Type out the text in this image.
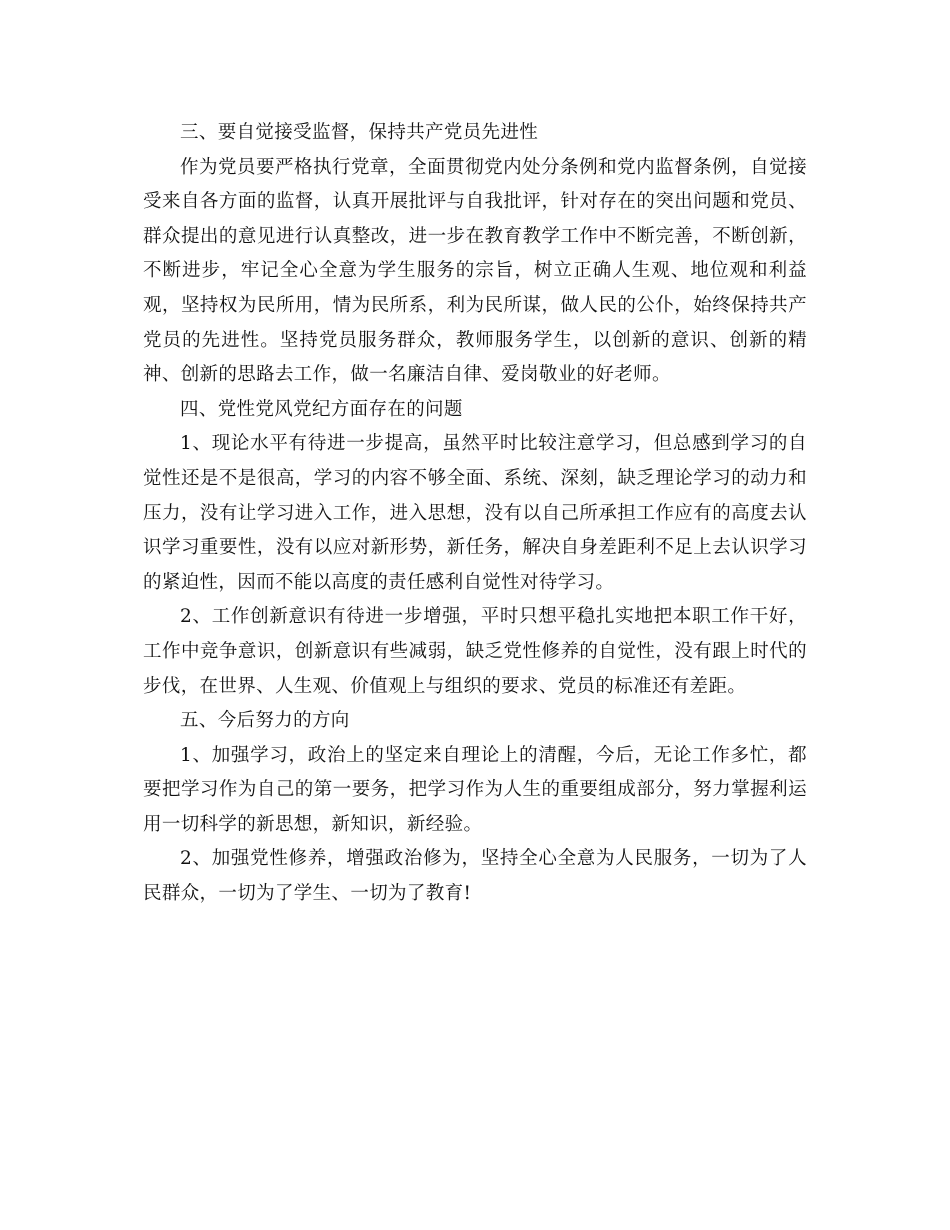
三、要自觉接受监督，保持共产党员先进性

作为党员要严格执行党章，全面贯彻党内处分条例和党内监督条例，自觉接受来自各方面的监督，认真开展批评与自我批评，针对存在的突出问题和党员、群众提出的意见进行认真整改，进一步在教育教学工作中不断完善，不断创新，不断进步，牢记全心全意为学生服务的宗旨，树立正确人生观、地位观和利益观，坚持权为民所用，情为民所系，利为民所谋，做人民的公仆，始终保持共产党员的先进性。坚持党员服务群众，教师服务学生，以创新的意识、创新的精神、创新的思路去工作，做一名廉洁自律、爱岗敬业的好老师。

四、党性党风党纪方面存在的问题

1、现论水平有待进一步提高，虽然平时比较注意学习，但总感到学习的自觉性还是不是很高，学习的内容不够全面、系统、深刻，缺乏理论学习的动力和压力，没有让学习进入工作，进入思想，没有以自己所承担工作应有的高度去认识学习重要性，没有以应对新形势，新任务，解决自身差距利不足上去认识学习的紧迫性，因而不能以高度的责任感利自觉性对待学习。

2、工作创新意识有待进一步增强，平时只想平稳扎实地把本职工作干好，工作中竞争意识，创新意识有些减弱，缺乏党性修养的自觉性，没有跟上时代的步伐，在世界、人生观、价值观上与组织的要求、党员的标准还有差距。

五、今后努力的方向

1、加强学习，政治上的坚定来自理论上的清醒，今后，无论工作多忙，都要把学习作为自己的第一要务，把学习作为人生的重要组成部分，努力掌握利运用一切科学的新思想，新知识，新经验。

2、加强党性修养，增强政治修为，坚持全心全意为人民服务，一切为了人民群众，一切为了学生、一切为了教育!
